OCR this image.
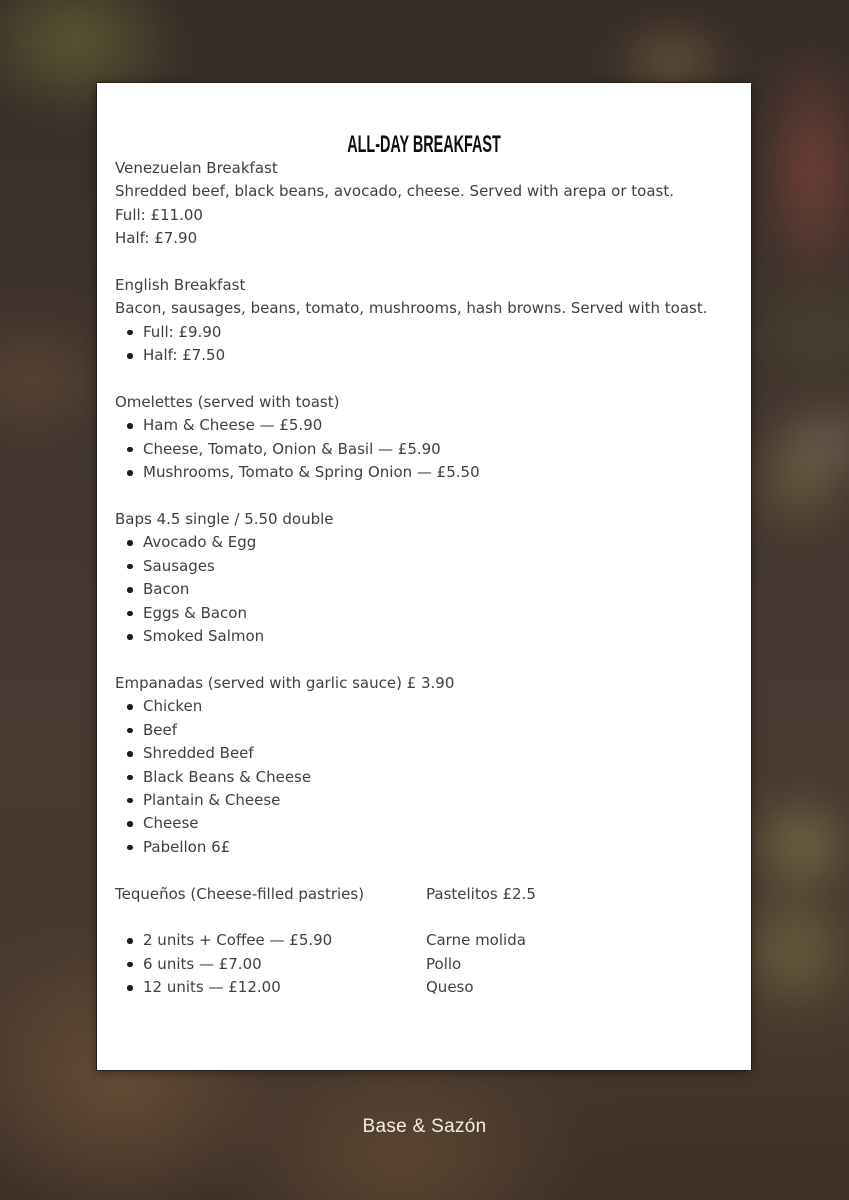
ALL-DAY BREAKFAST
Venezuelan Breakfast
Shredded beef, black beans, avocado, cheese. Served with arepa or toast.
Full: £11.00
Half: £7.90
English Breakfast
Bacon, sausages, beans, tomato, mushrooms, hash browns. Served with toast.
Full: £9.90
Half: £7.50
Omelettes (served with toast)
Ham & Cheese — £5.90
Cheese, Tomato, Onion & Basil — £5.90
Mushrooms, Tomato & Spring Onion — £5.50
Baps 4.5 single / 5.50 double
Avocado & Egg
Sausages
Bacon
Eggs & Bacon
Smoked Salmon
Empanadas (served with garlic sauce) £ 3.90
Chicken
Beef
Shredded Beef
Black Beans & Cheese
Plantain & Cheese
Cheese
Pabellon 6£
Tequeños (Cheese-filled pastries)
2 units + Coffee — £5.90
6 units — £7.00
12 units — £12.00
Pastelitos £2.5
Carne molida
Pollo
Queso
Base & Sazón
